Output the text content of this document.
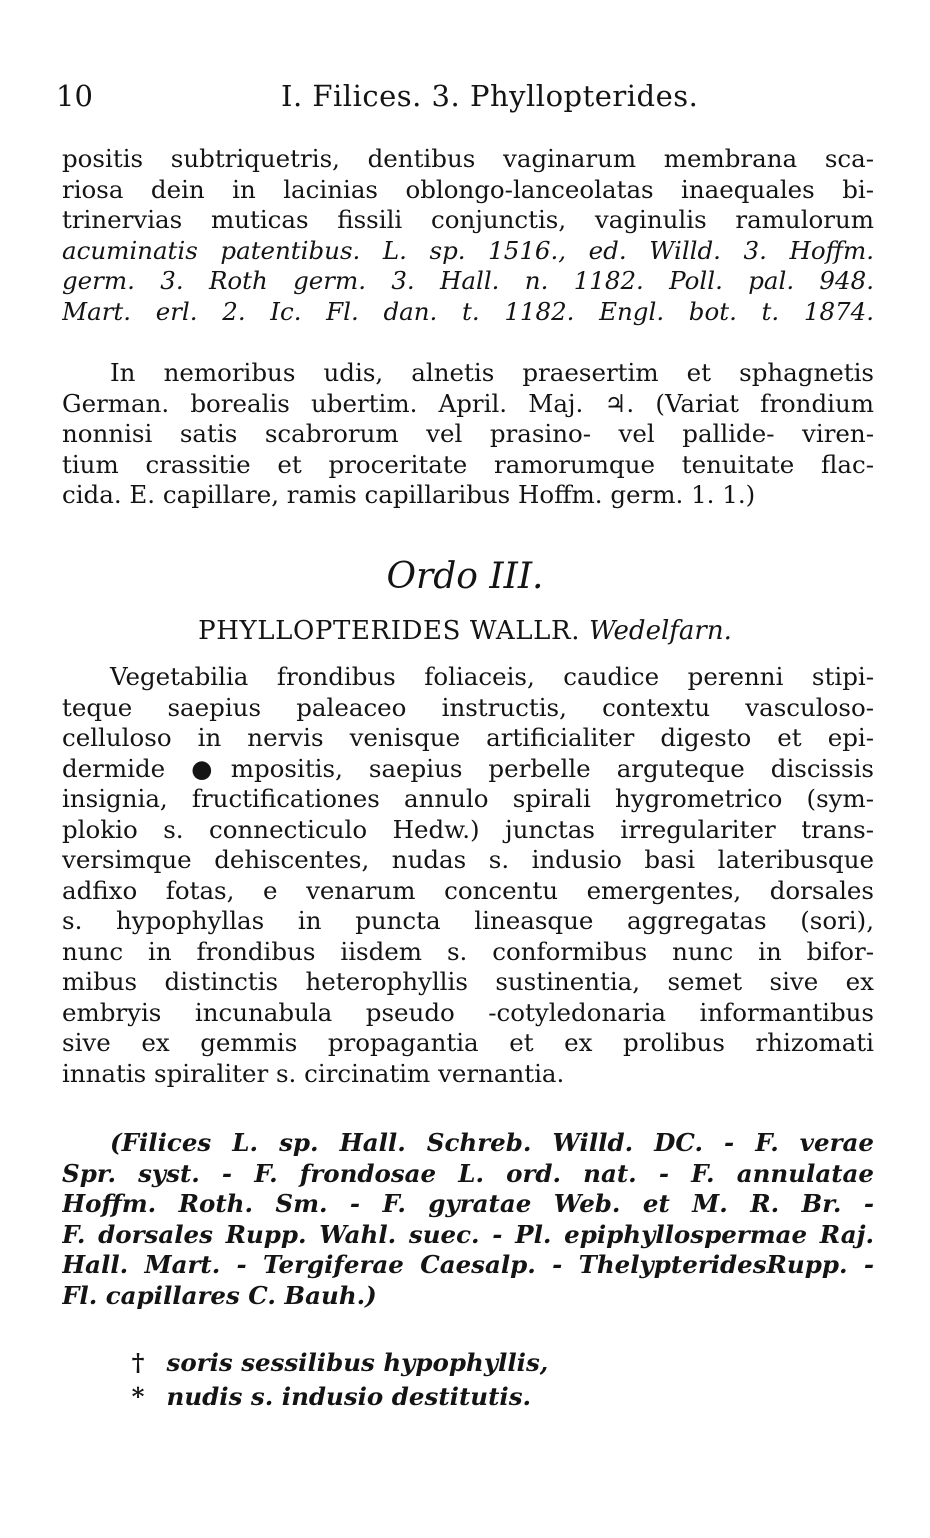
10	I. Filices. 3. Phyllopterides.
positis subtriquetris, dentibus vaginarum membrana sca-
riosa dein in lacinias oblongo-lanceolatas inaequales bi-
trinervias muticas fissili conjunctis, vaginulis ramulorum
acuminatis patentibus. L. sp. 1516., ed. Willd. 3. Hoffm.
germ. 3. Roth germ. 3. Hall. n. 1182. Poll. pal. 948.
Mart. erl. 2. Ic. Fl. dan. t. 1182. Engl. bot. t. 1874.
In nemoribus udis, alnetis praesertim et sphagnetis
German. borealis ubertim. April. Maj. ♃. (Variat frondium
nonnisi satis scabrorum vel prasino- vel pallide- viren-
tium crassitie et proceritate ramorumque tenuitate flac-
cida. E. capillare, ramis capillaribus Hoffm. germ. 1. 1.)
Ordo III.
PHYLLOPTERIDES WALLR. Wedelfarn.
Vegetabilia frondibus foliaceis, caudice perenni stipi-
teque saepius paleaceo instructis, contextu vasculoso-
celluloso in nervis venisque artificialiter digesto et epi-
dermide ●mpositis, saepius perbelle arguteque discissis
insignia, fructificationes annulo spirali hygrometrico (sym-
plokio s. connecticulo Hedw.) junctas irregulariter trans-
versimque dehiscentes, nudas s. indusio basi lateribusque
adfixo fotas, e venarum concentu emergentes, dorsales
s. hypophyllas in puncta lineasque aggregatas (sori),
nunc in frondibus iisdem s. conformibus nunc in bifor-
mibus distinctis heterophyllis sustinentia, semet sive ex
embryis incunabula pseudo -cotyledonaria informantibus
sive ex gemmis propagantia et ex prolibus rhizomati
innatis spiraliter s. circinatim vernantia.
(Filices L. sp. Hall. Schreb. Willd. DC. - F. verae
Spr. syst. - F. frondosae L. ord. nat. - F. annulatae
Hoffm. Roth. Sm. - F. gyratae Web. et M. R. Br. -
F. dorsales Rupp. Wahl. suec. - Pl. epiphyllospermae Raj.
Hall. Mart. - Tergiferae Caesalp. - ThelypteridesRupp. -
Fl. capillares C. Bauh.)
† soris sessilibus hypophyllis,
* nudis s. indusio destitutis.
